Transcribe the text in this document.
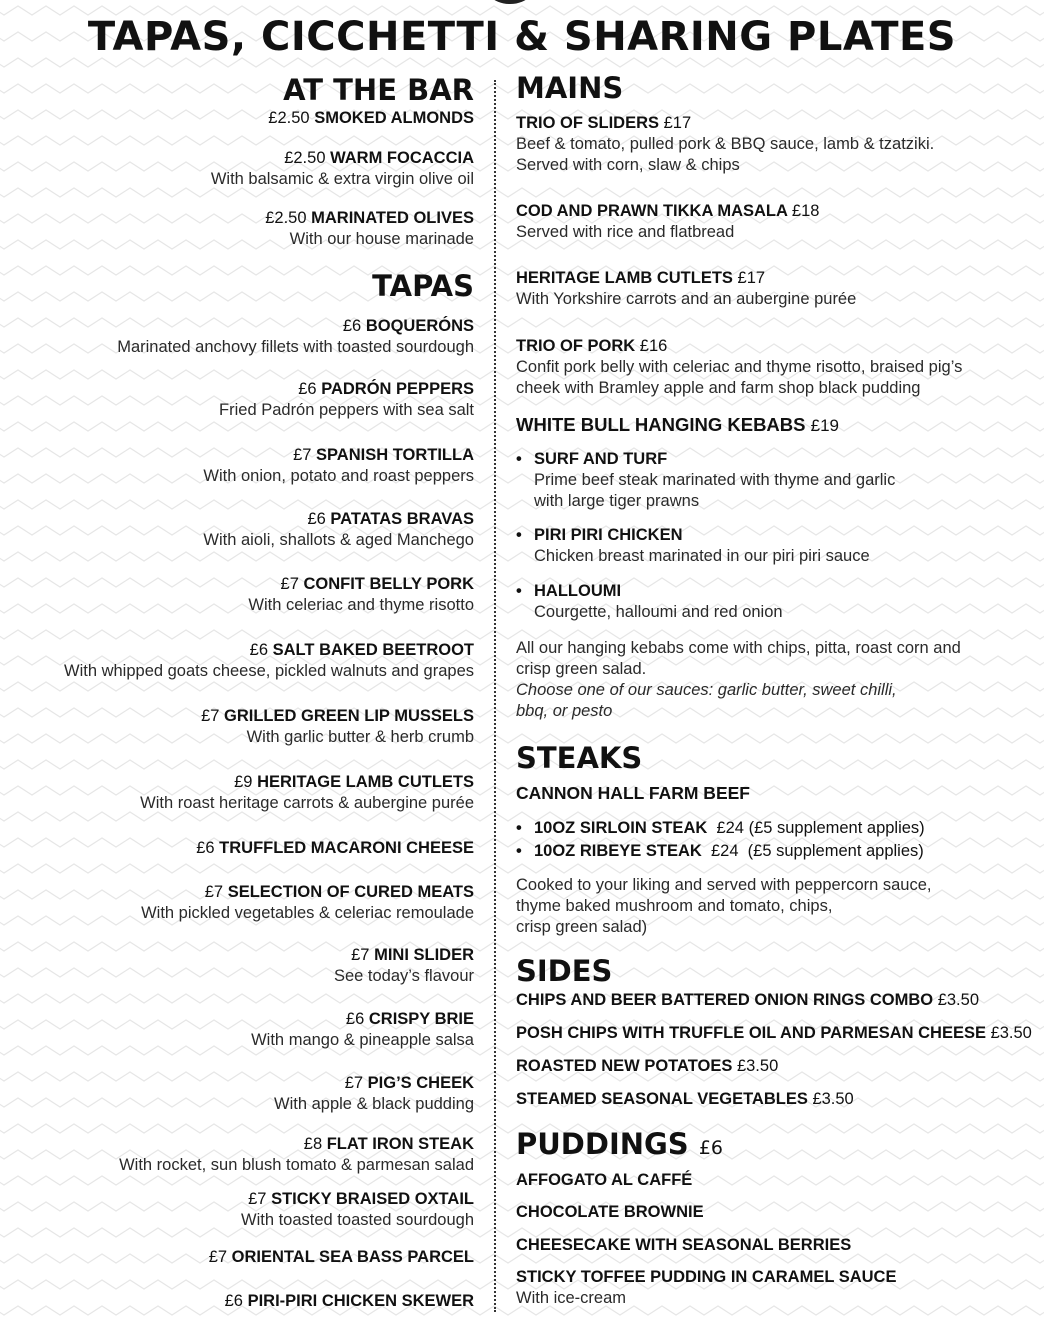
TAPAS, CICCHETTI & SHARING PLATES
AT THE BAR
£2.50 SMOKED ALMONDS
£2.50 WARM FOCACCIA
With balsamic & extra virgin olive oil
£2.50 MARINATED OLIVES
With our house marinade
TAPAS
£6 BOQUERÓNS
Marinated anchovy fillets with toasted sourdough
£6 PADRÓN PEPPERS
Fried Padrón peppers with sea salt
£7 SPANISH TORTILLA
With onion, potato and roast peppers
£6 PATATAS BRAVAS
With aioli, shallots & aged Manchego
£7 CONFIT BELLY PORK
With celeriac and thyme risotto
£6 SALT BAKED BEETROOT
With whipped goats cheese, pickled walnuts and grapes
£7 GRILLED GREEN LIP MUSSELS
With garlic butter & herb crumb
£9 HERITAGE LAMB CUTLETS
With roast heritage carrots & aubergine purée
£6 TRUFFLED MACARONI CHEESE
£7 SELECTION OF CURED MEATS
With pickled vegetables & celeriac remoulade
£7 MINI SLIDER
See today’s flavour
£6 CRISPY BRIE
With mango & pineapple salsa
£7 PIG’S CHEEK
With apple & black pudding
£8 FLAT IRON STEAK
With rocket, sun blush tomato & parmesan salad
£7 STICKY BRAISED OXTAIL
With toasted toasted sourdough
£7 ORIENTAL SEA BASS PARCEL
£6 PIRI-PIRI CHICKEN SKEWER
MAINS
TRIO OF SLIDERS £17
Beef & tomato, pulled pork & BBQ sauce, lamb & tzatziki.
Served with corn, slaw & chips
COD AND PRAWN TIKKA MASALA £18
Served with rice and flatbread
HERITAGE LAMB CUTLETS £17
With Yorkshire carrots and an aubergine purée
TRIO OF PORK £16
Confit pork belly with celeriac and thyme risotto, braised pig’s
cheek with Bramley apple and farm shop black pudding
WHITE BULL HANGING KEBABS £19
• SURF AND TURF
Prime beef steak marinated with thyme and garlic
with large tiger prawns
• PIRI PIRI CHICKEN
Chicken breast marinated in our piri piri sauce
• HALLOUMI
Courgette, halloumi and red onion
All our hanging kebabs come with chips, pitta, roast corn and
crisp green salad.
Choose one of our sauces: garlic butter, sweet chilli,
bbq, or pesto
STEAKS
CANNON HALL FARM BEEF
• 10OZ SIRLOIN STEAK £24 (£5 supplement applies)
• 10OZ RIBEYE STEAK £24 (£5 supplement applies)
Cooked to your liking and served with peppercorn sauce,
thyme baked mushroom and tomato, chips,
crisp green salad)
SIDES
CHIPS AND BEER BATTERED ONION RINGS COMBO £3.50
POSH CHIPS WITH TRUFFLE OIL AND PARMESAN CHEESE £3.50
ROASTED NEW POTATOES £3.50
STEAMED SEASONAL VEGETABLES £3.50
PUDDINGS £6
AFFOGATO AL CAFFÉ
CHOCOLATE BROWNIE
CHEESECAKE WITH SEASONAL BERRIES
STICKY TOFFEE PUDDING IN CARAMEL SAUCE
With ice-cream
